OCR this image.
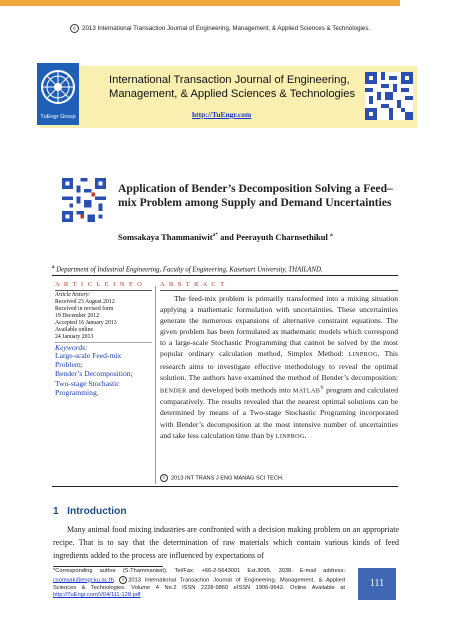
© 2013 International Transaction Journal of Engineering, Management, & Applied Sciences & Technologies.
TuEngr Group
International Transaction Journal of Engineering, Management, & Applied Sciences & Technologies
http://TuEngr.com
Application of Bender’s Decomposition Solving a Feed–mix Problem among Supply and Demand Uncertainties
Somsakaya Thammaniwit$^{a*}$ and Peerayuth Charnsethikul $^a$
$^a$ Department of Industrial Engineering, Faculty of Engineering, Kasetsart University, THAILAND.
A R T I C L E I N F O	A B S T R A C T
Article history:
Received 23 August 2012
Received in revised form
19 December 2012
Accepted 16 January 2013
Available online
24 January 2013
Keywords:
Large-scale Feed-mix
Problem;
Bender’s Decomposition;
Two-stage Stochastic
Programming.
The feed-mix problem is primarily transformed into a mixing situation applying a mathematic formulation with uncertainties. These uncertainties generate the numerous expansions of alternative constraint equations. The given problem has been formulated as mathematic models which correspond to a large-scale Stochastic Programming that cannot be solved by the most popular ordinary calculation method, Simplex Method: LINPROG. This research aims to investigate effective methodology to reveal the optimal solution. The authors have examined the method of Bender’s decomposition: BENDER and developed both methods into MATLAB® program and calculated comparatively. The results revealed that the nearest optimal solutions can be determined by means of a Two-stage Stochastic Programing incorporated with Bender’s decomposition at the most intensive number of uncertainties and take less calculation time than by LINPROG.
© 2013 INT TRANS J ENG MANAG SCI TECH.
1   Introduction
Many animal food mixing industries are confronted with a decision making problem on an appropriate recipe. That is to say that the determination of raw materials which contain various kinds of feed ingredients added to the process are influenced by expectations of
*Corresponding author (S.Thammaniwit). Tel/Fax: +66-2-5643001 Ext.3095, 3038. E-mail address: csomsak@engr.ku.ac.th. © 2013 International Transaction Journal of Engineering, Management, & Applied Sciences & Technologies. Volume 4 No.2 ISSN 2228-9860 eISSN 1906-9642. Online Available at http://TuEngr.com/V04/111-128.pdf
111
